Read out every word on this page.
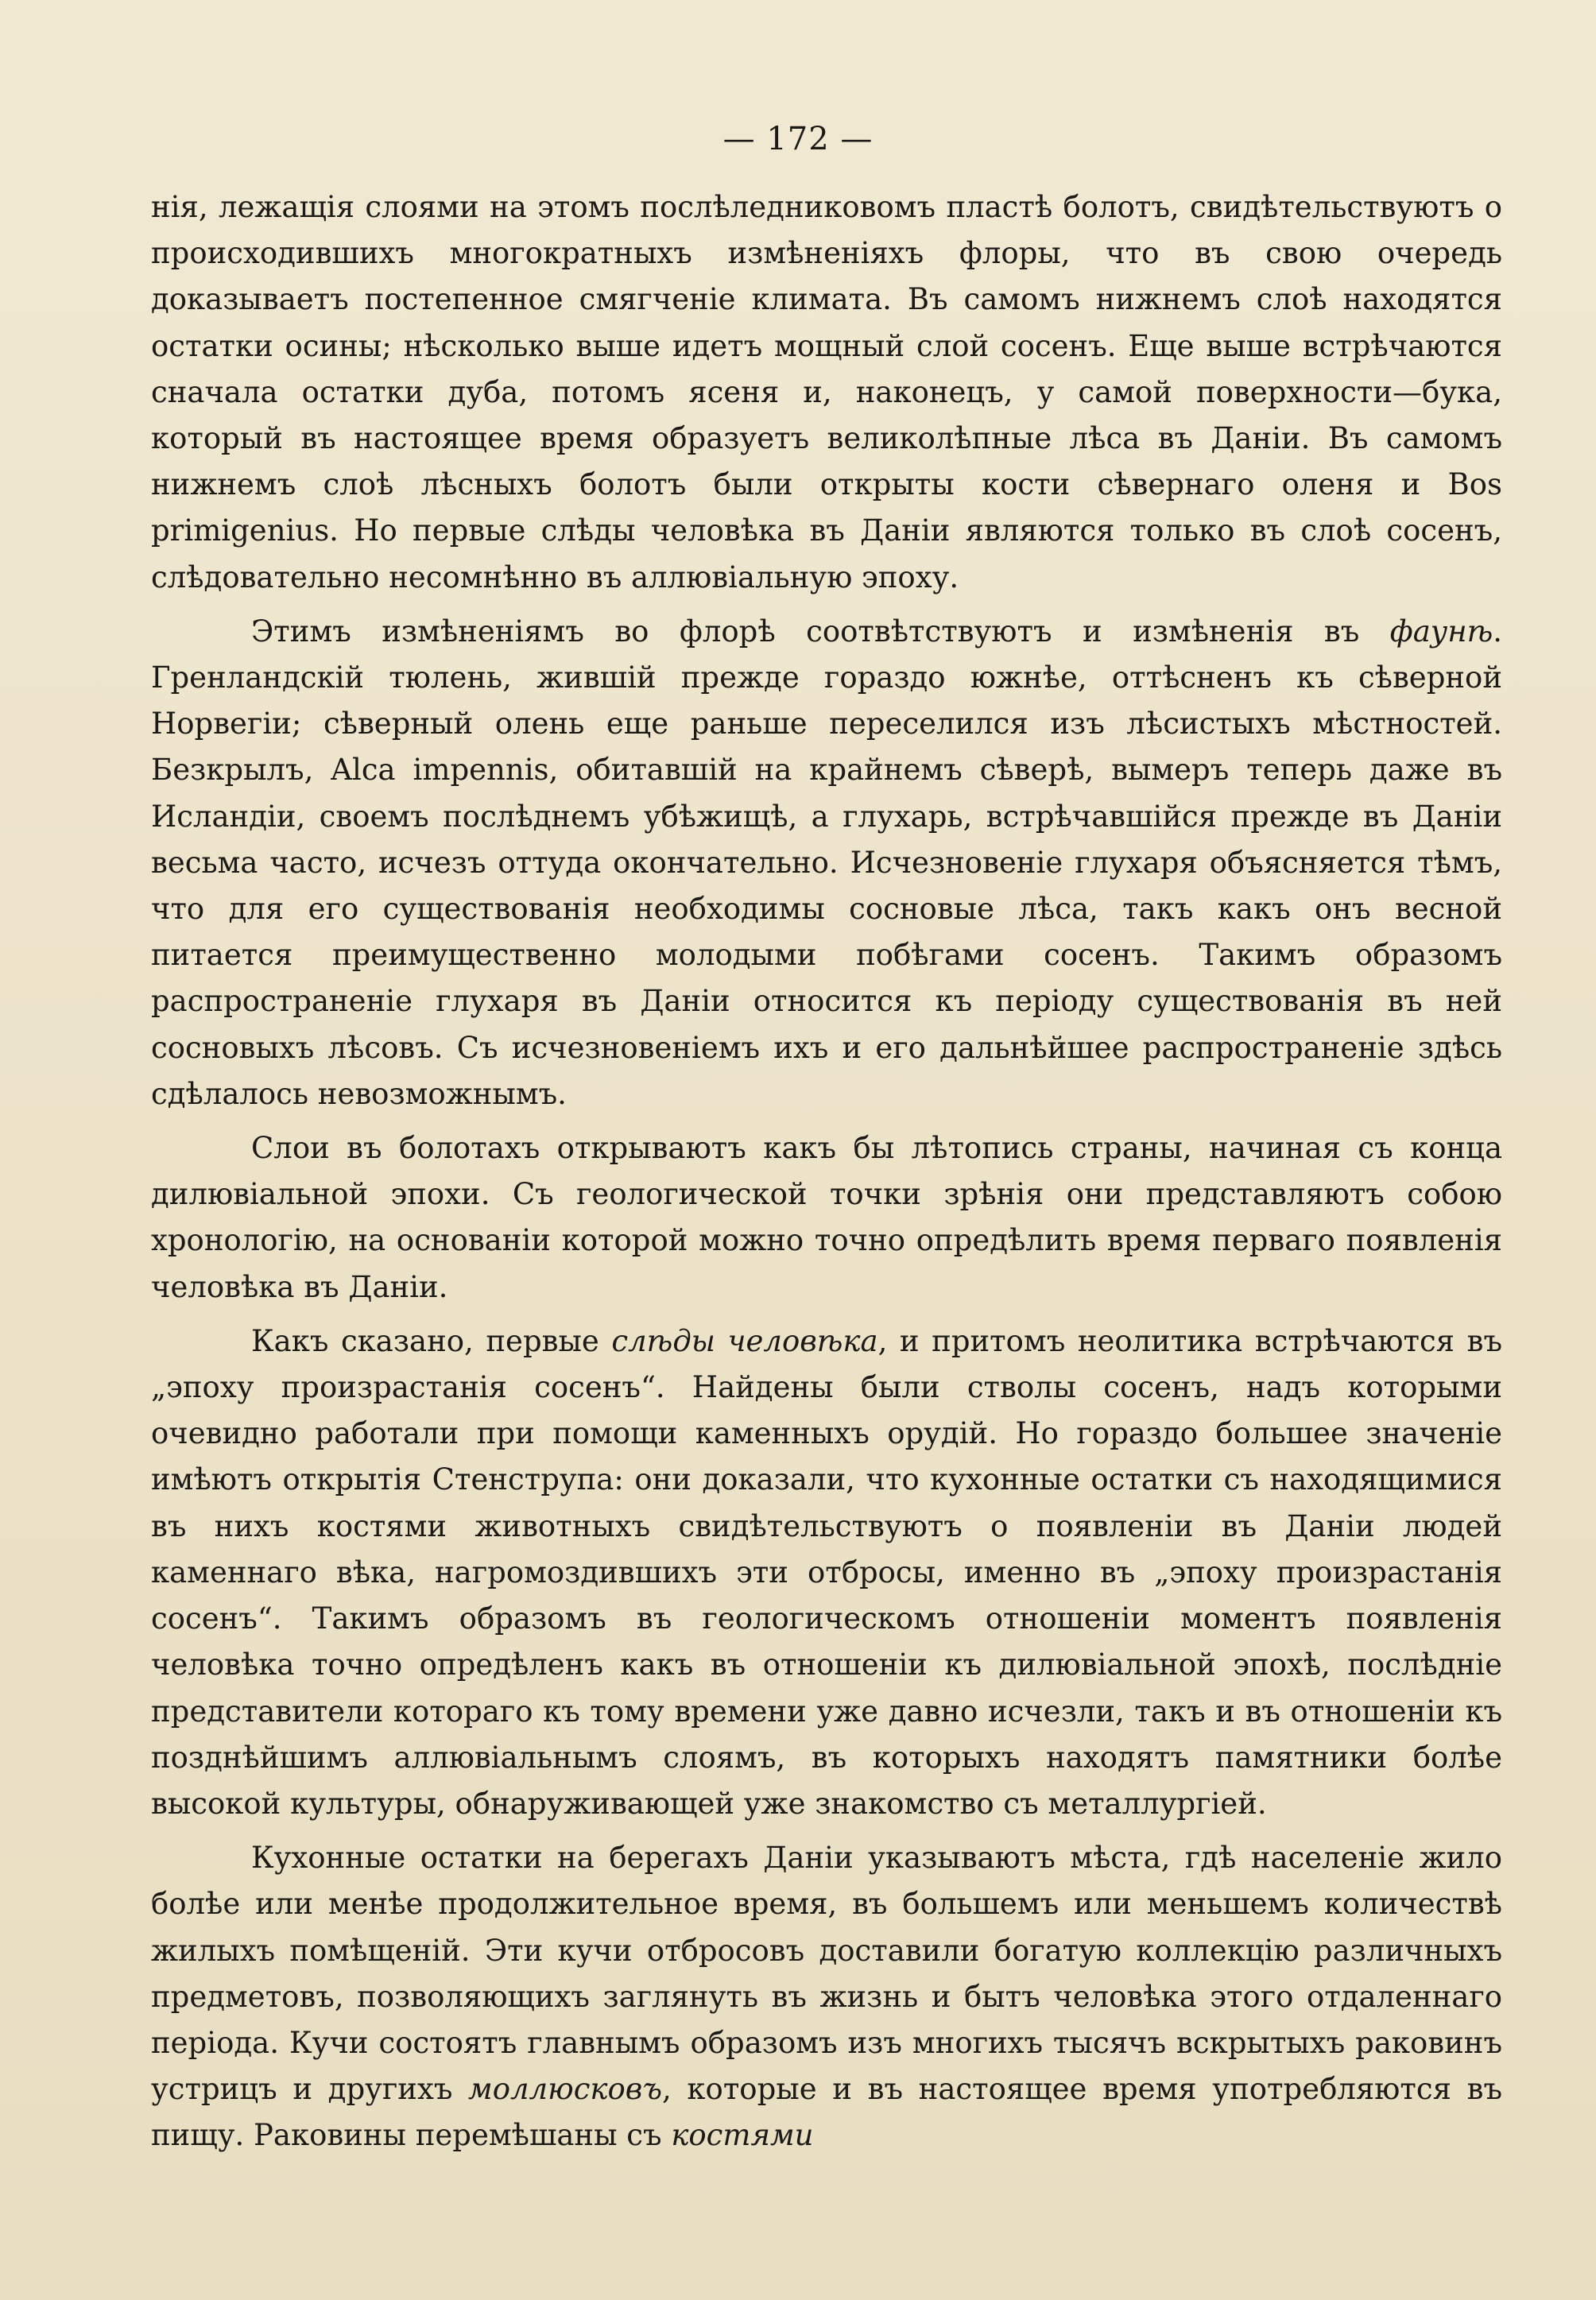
— 172 —

нія, лежащія слоями на этомъ послѣледниковомъ пластѣ болотъ, свидѣтельствуютъ о происходившихъ многократныхъ измѣненіяхъ флоры, что въ свою очередь доказываетъ постепенное смягченіе климата. Въ самомъ нижнемъ слоѣ находятся остатки осины; нѣсколько выше идетъ мощный слой сосенъ. Еще выше встрѣчаются сначала остатки дуба, потомъ ясеня и, наконецъ, у самой поверхности—бука, который въ настоящее время образуетъ великолѣпные лѣса въ Даніи. Въ самомъ нижнемъ слоѣ лѣсныхъ болотъ были открыты кости сѣвернаго оленя и Bos primigenius. Но первые слѣды человѣка въ Даніи являются только въ слоѣ сосенъ, слѣдовательно несомнѣнно въ аллювіальную эпоху.

Этимъ измѣненіямъ во флорѣ соотвѣтствуютъ и измѣненія въ фаунѣ. Гренландскій тюлень, жившій прежде гораздо южнѣе, оттѣсненъ къ сѣверной Норвегіи; сѣверный олень еще раньше переселился изъ лѣсистыхъ мѣстностей. Безкрылъ, Alca impennis, обитавшій на крайнемъ сѣверѣ, вымеръ теперь даже въ Исландіи, своемъ послѣднемъ убѣжищѣ, а глухарь, встрѣчавшійся прежде въ Даніи весьма часто, исчезъ оттуда окончательно. Исчезновеніе глухаря объясняется тѣмъ, что для его существованія необходимы сосновые лѣса, такъ какъ онъ весной питается преимущественно молодыми побѣгами сосенъ. Такимъ образомъ распространеніе глухаря въ Даніи относится къ періоду существованія въ ней сосновыхъ лѣсовъ. Съ исчезновеніемъ ихъ и его дальнѣйшее распространеніе здѣсь сдѣлалось невозможнымъ.

Слои въ болотахъ открываютъ какъ бы лѣтопись страны, начиная съ конца дилювіальной эпохи. Съ геологической точки зрѣнія они представляютъ собою хронологію, на основаніи которой можно точно опредѣлить время перваго появленія человѣка въ Даніи.

Какъ сказано, первые слѣды человѣка, и притомъ неолитика встрѣчаются въ „эпоху произрастанія сосенъ“. Найдены были стволы сосенъ, надъ которыми очевидно работали при помощи каменныхъ орудій. Но гораздо большее значеніе имѣютъ открытія Стенструпа: они доказали, что кухонные остатки съ находящимися въ нихъ костями животныхъ свидѣтельствуютъ о появленіи въ Даніи людей каменнаго вѣка, нагромоздившихъ эти отбросы, именно въ „эпоху произрастанія сосенъ“. Такимъ образомъ въ геологическомъ отношеніи моментъ появленія человѣка точно опредѣленъ какъ въ отношеніи къ дилювіальной эпохѣ, послѣдніе представители котораго къ тому времени уже давно исчезли, такъ и въ отношеніи къ позднѣйшимъ аллювіальнымъ слоямъ, въ которыхъ находятъ памятники болѣе высокой культуры, обнаруживающей уже знакомство съ металлургіей.

Кухонные остатки на берегахъ Даніи указываютъ мѣста, гдѣ населеніе жило болѣе или менѣе продолжительное время, въ большемъ или меньшемъ количествѣ жилыхъ помѣщеній. Эти кучи отбросовъ доставили богатую коллекцію различныхъ предметовъ, позволяющихъ заглянуть въ жизнь и бытъ человѣка этого отдаленнаго періода. Кучи состоятъ главнымъ образомъ изъ многихъ тысячъ вскрытыхъ раковинъ устрицъ и другихъ моллюсковъ, которые и въ настоящее время употребляются въ пищу. Раковины перемѣшаны съ костями
